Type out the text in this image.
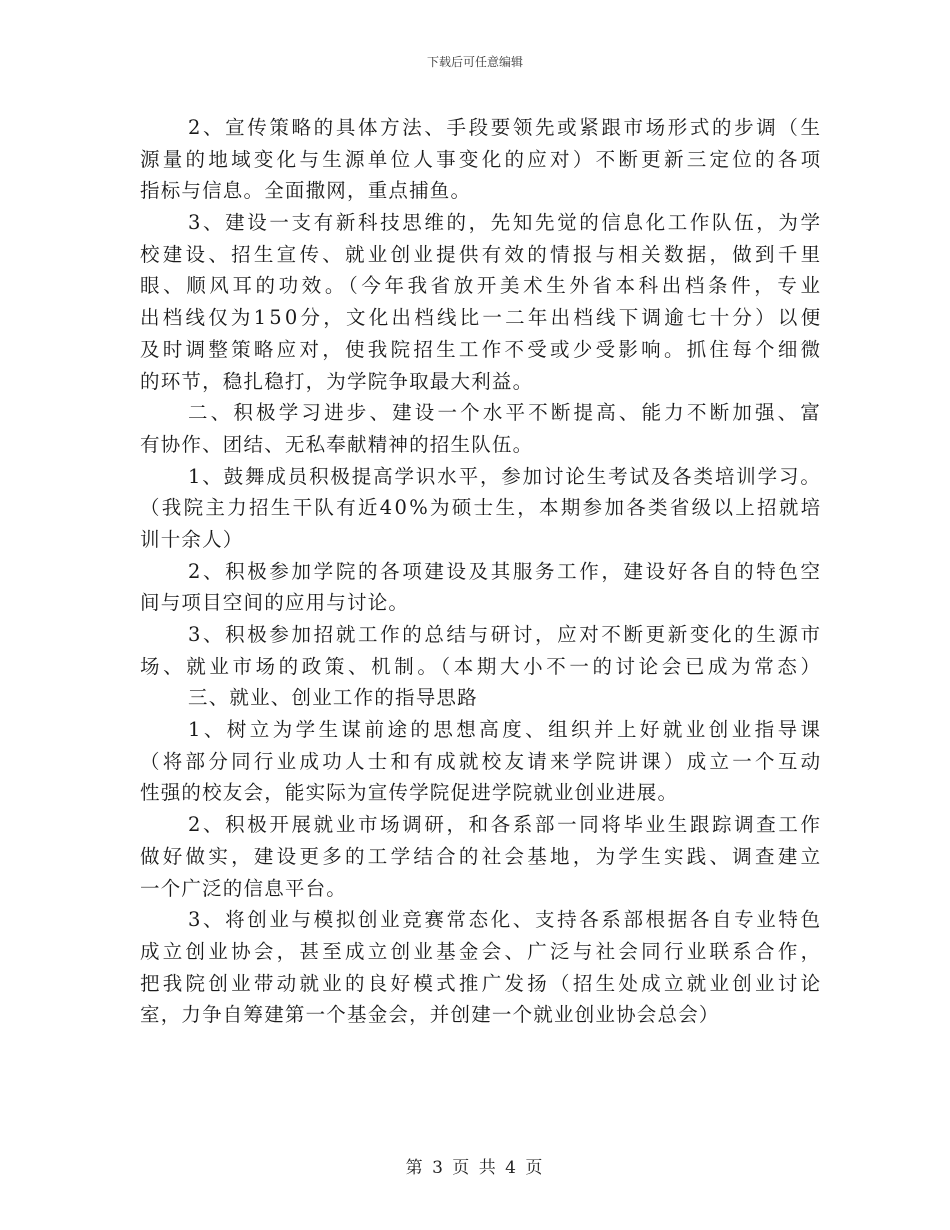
下载后可任意编辑
2、宣传策略的具体方法、手段要领先或紧跟市场形式的步调（生
源量的地域变化与生源单位人事变化的应对）不断更新三定位的各项
指标与信息。全面撒网，重点捕鱼。
3、建设一支有新科技思维的，先知先觉的信息化工作队伍，为学
校建设、招生宣传、就业创业提供有效的情报与相关数据，做到千里
眼、顺风耳的功效。（今年我省放开美术生外省本科出档条件，专业
出档线仅为150分，文化出档线比一二年出档线下调逾七十分）以便
及时调整策略应对，使我院招生工作不受或少受影响。抓住每个细微
的环节，稳扎稳打，为学院争取最大利益。
二、积极学习进步、建设一个水平不断提高、能力不断加强、富
有协作、团结、无私奉献精神的招生队伍。
1、鼓舞成员积极提高学识水平，参加讨论生考试及各类培训学习。
（我院主力招生干队有近40%为硕士生，本期参加各类省级以上招就培
训十余人）
2、积极参加学院的各项建设及其服务工作，建设好各自的特色空
间与项目空间的应用与讨论。
3、积极参加招就工作的总结与研讨，应对不断更新变化的生源市
场、就业市场的政策、机制。（本期大小不一的讨论会已成为常态）
三、就业、创业工作的指导思路
1、树立为学生谋前途的思想高度、组织并上好就业创业指导课
（将部分同行业成功人士和有成就校友请来学院讲课）成立一个互动
性强的校友会，能实际为宣传学院促进学院就业创业进展。
2、积极开展就业市场调研，和各系部一同将毕业生跟踪调查工作
做好做实，建设更多的工学结合的社会基地，为学生实践、调查建立
一个广泛的信息平台。
3、将创业与模拟创业竞赛常态化、支持各系部根据各自专业特色
成立创业协会，甚至成立创业基金会、广泛与社会同行业联系合作，
把我院创业带动就业的良好模式推广发扬（招生处成立就业创业讨论
室，力争自筹建第一个基金会，并创建一个就业创业协会总会）
第 3 页 共 4 页
